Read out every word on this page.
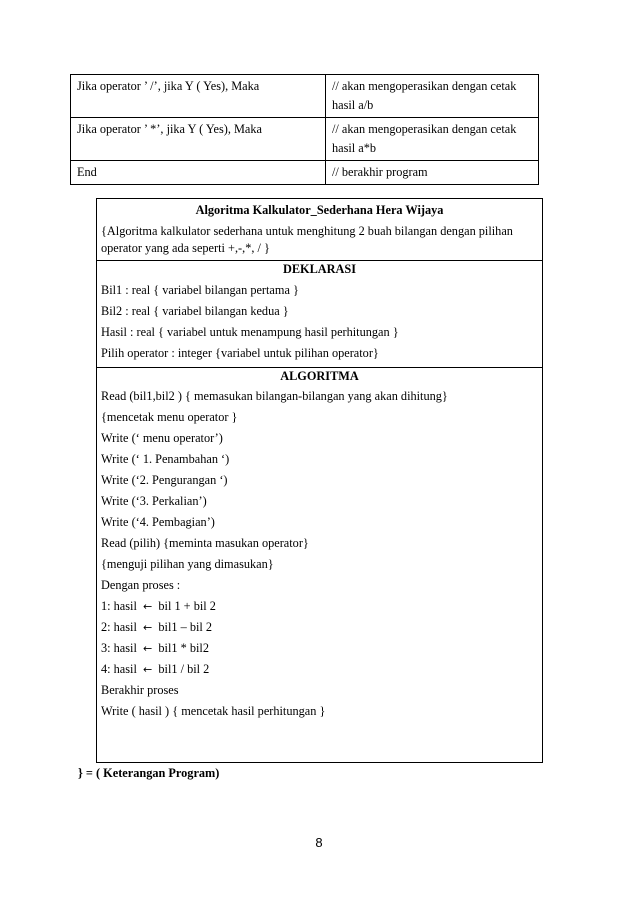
Jika operator ’ /’, jika Y ( Yes), Maka	// akan mengoperasikan dengan cetak hasil a/b
Jika operator ’ *’, jika Y ( Yes), Maka	// akan mengoperasikan dengan cetak hasil a*b
End	// berakhir program
Algoritma Kalkulator_Sederhana Hera Wijaya
{Algoritma kalkulator sederhana untuk menghitung 2 buah bilangan dengan pilihan operator yang ada seperti +,-,*, / }
DEKLARASI
Bil1 : real { variabel bilangan pertama }
Bil2 : real { variabel bilangan kedua }
Hasil : real { variabel untuk menampung hasil perhitungan }
Pilih operator : integer {variabel untuk pilihan operator}
ALGORITMA
Read (bil1,bil2 ) { memasukan bilangan-bilangan yang akan dihitung}
{mencetak menu operator }
Write (‘ menu operator’)
Write (‘ 1. Penambahan ‘)
Write (‘2. Pengurangan ‘)
Write (‘3. Perkalian’)
Write (‘4. Pembagian’)
Read (pilih) {meminta masukan operator}
{menguji pilihan yang dimasukan}
Dengan proses :
1: hasil ← bil 1 + bil 2
2: hasil ← bil1 – bil 2
3: hasil ← bil1 * bil2
4: hasil ← bil1 / bil 2
Berakhir proses
Write ( hasil ) { mencetak hasil perhitungan }
} = ( Keterangan Program)
8
